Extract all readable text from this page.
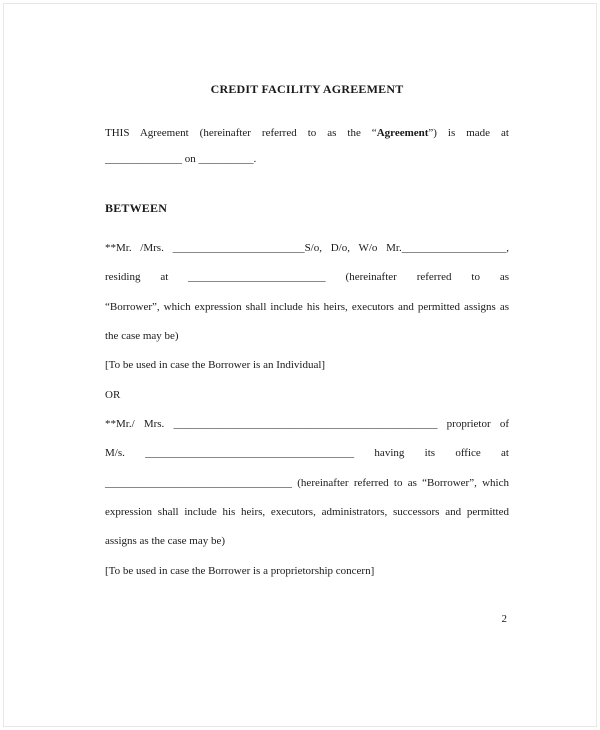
CREDIT FACILITY AGREEMENT
THIS Agreement (hereinafter referred to as the “Agreement”) is made at
______________ on __________.
BETWEEN
**Mr. /Mrs. ________________________S/o, D/o, W/o Mr.___________________,
residing at _________________________ (hereinafter referred to as
“Borrower”, which expression shall include his heirs, executors and permitted assigns as
the case may be)
[To be used in case the Borrower is an Individual]
OR
**Mr./ Mrs. ________________________________________________ proprietor of
M/s. ______________________________________ having its office at
__________________________________ (hereinafter referred to as “Borrower”, which
expression shall include his heirs, executors, administrators, successors and permitted
assigns as the case may be)
[To be used in case the Borrower is a proprietorship concern]
2
